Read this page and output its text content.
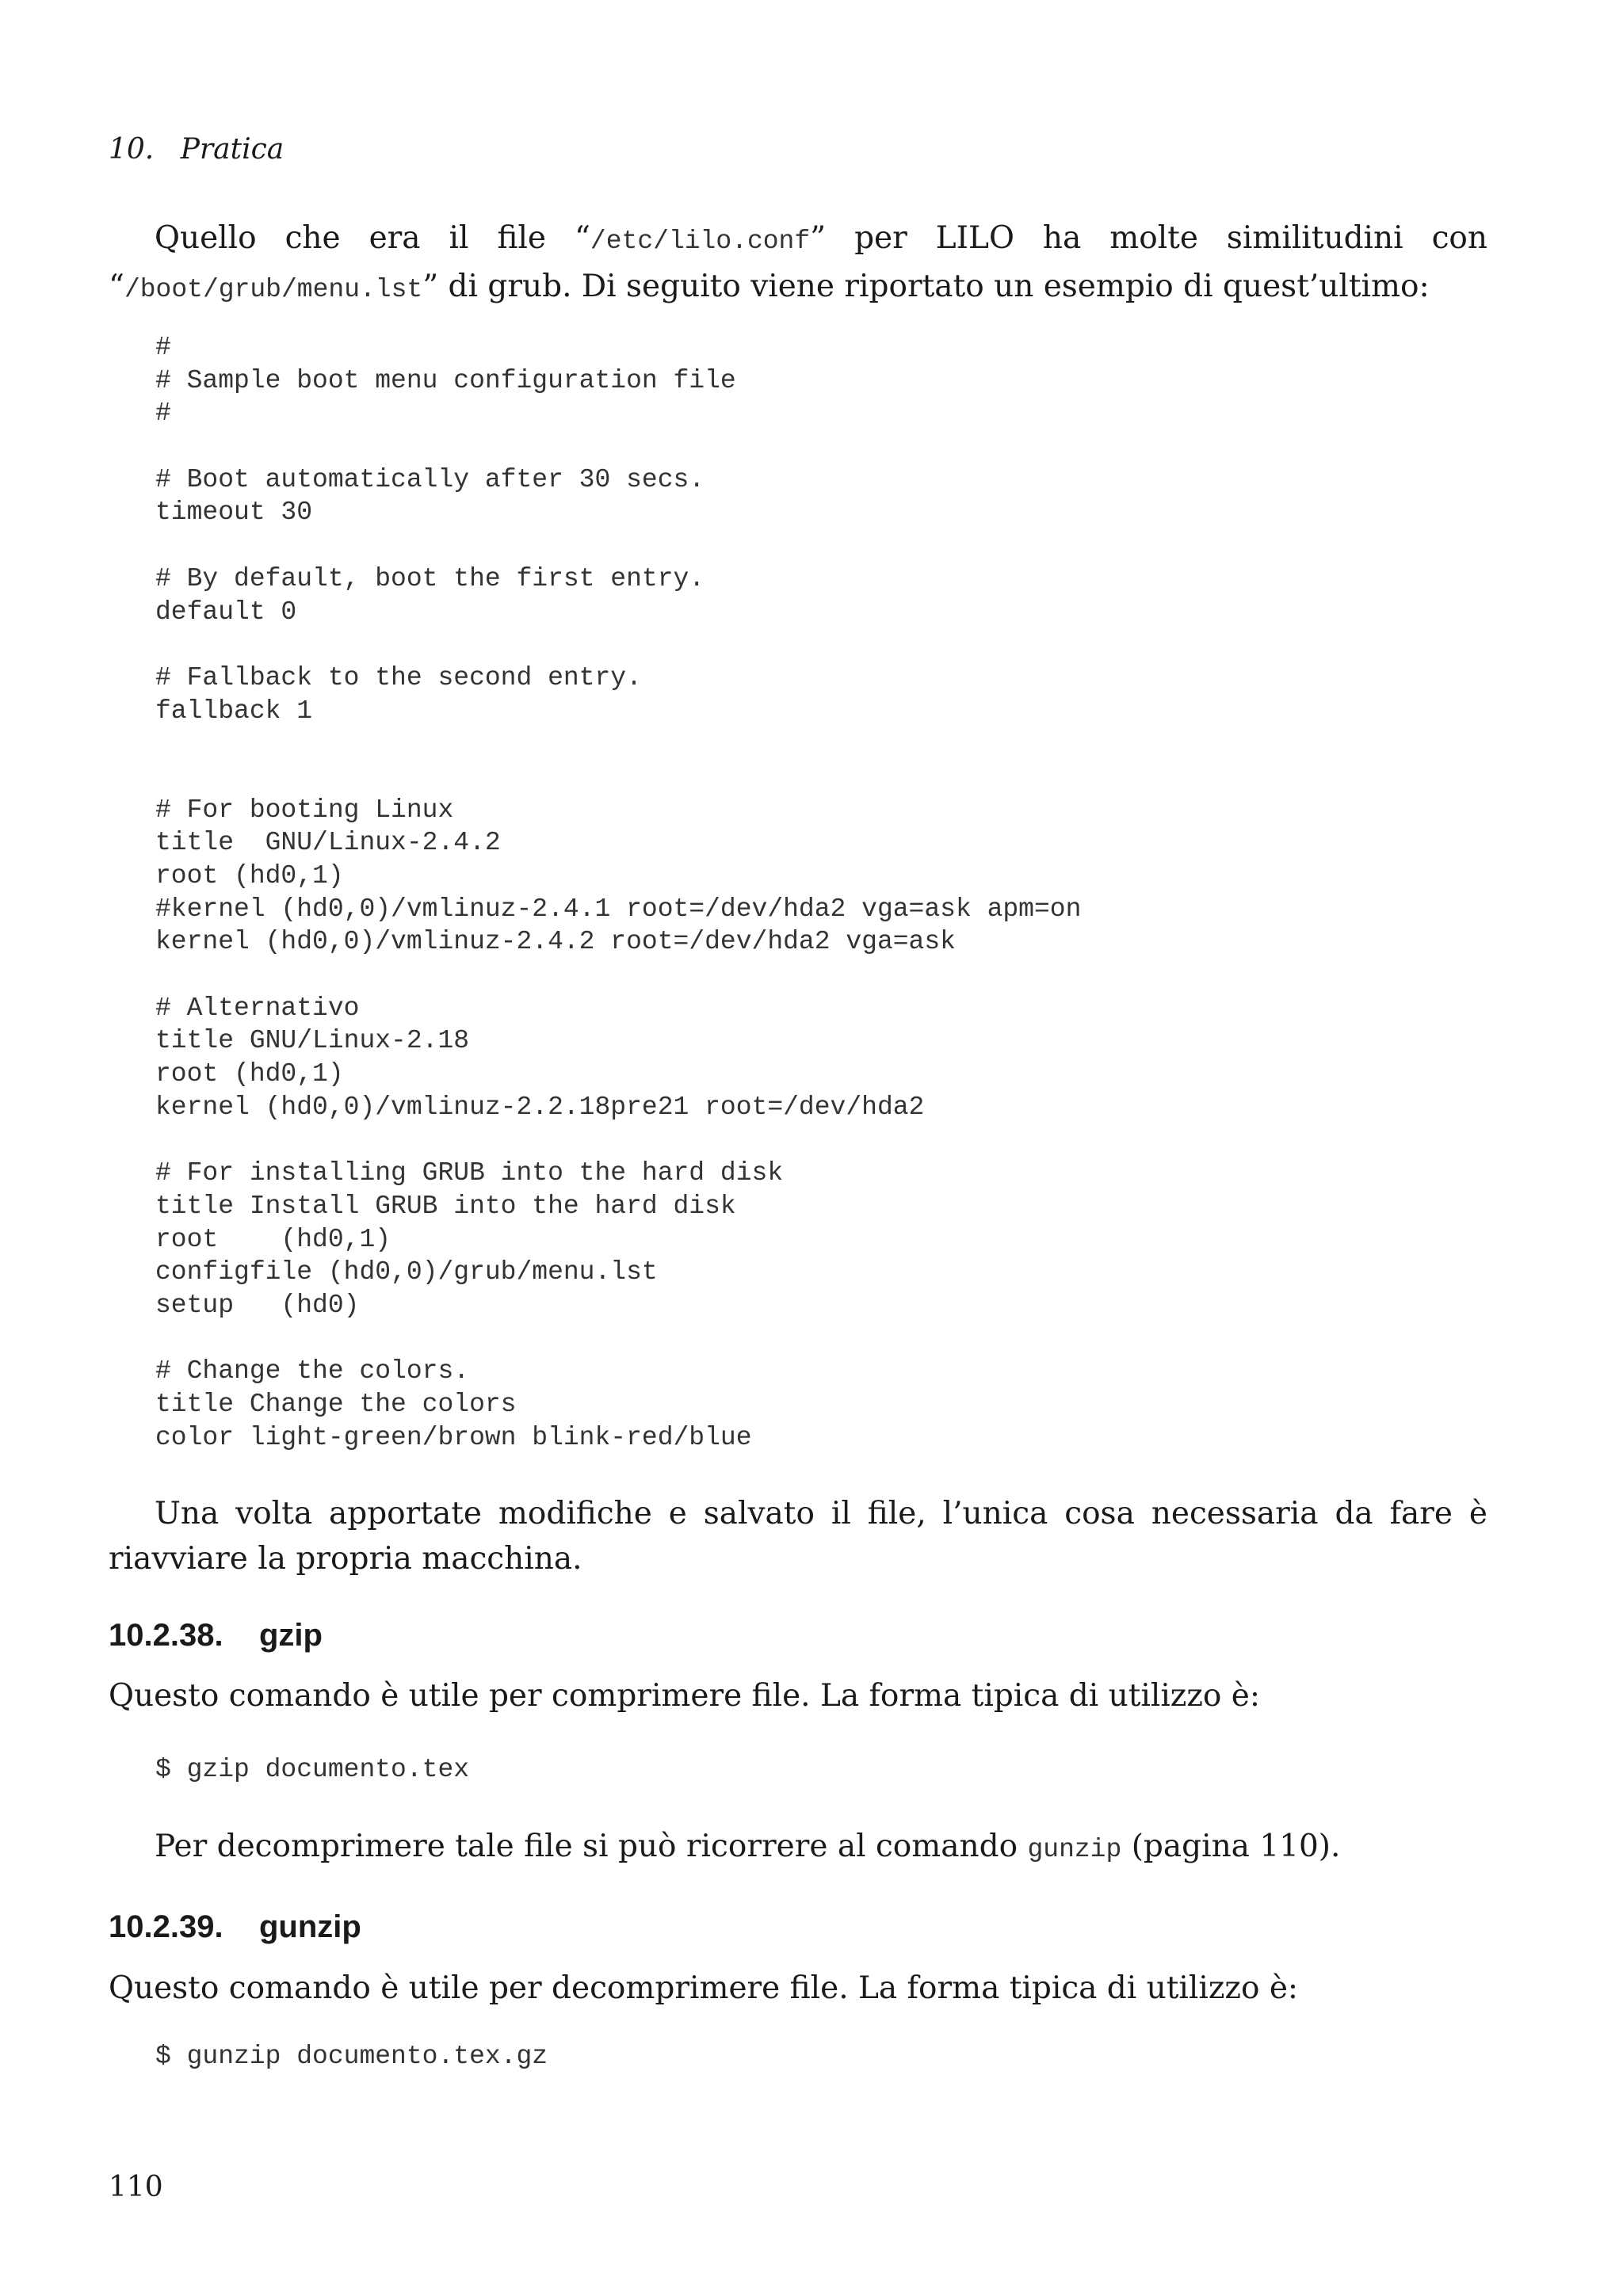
10. Pratica

Quello che era il file “/etc/lilo.conf” per LILO ha molte similitudini con “/boot/grub/menu.lst” di grub. Di seguito viene riportato un esempio di quest’ultimo:

#
# Sample boot menu configuration file
#
# Boot automatically after 30 secs.
timeout 30
# By default, boot the first entry.
default 0
# Fallback to the second entry.
fallback 1
# For booting Linux
title  GNU/Linux-2.4.2
root (hd0,1)
#kernel (hd0,0)/vmlinuz-2.4.1 root=/dev/hda2 vga=ask apm=on
kernel (hd0,0)/vmlinuz-2.4.2 root=/dev/hda2 vga=ask
# Alternativo
title GNU/Linux-2.18
root (hd0,1)
kernel (hd0,0)/vmlinuz-2.2.18pre21 root=/dev/hda2
# For installing GRUB into the hard disk
title Install GRUB into the hard disk
root    (hd0,1)
configfile (hd0,0)/grub/menu.lst
setup   (hd0)
# Change the colors.
title Change the colors
color light-green/brown blink-red/blue

Una volta apportate modifiche e salvato il file, l’unica cosa necessaria da fare è riavviare la propria macchina.

10.2.38. gzip

Questo comando è utile per comprimere file. La forma tipica di utilizzo è:

$ gzip documento.tex

Per decomprimere tale file si può ricorrere al comando gunzip (pagina 110).

10.2.39. gunzip

Questo comando è utile per decomprimere file. La forma tipica di utilizzo è:

$ gunzip documento.tex.gz
110
